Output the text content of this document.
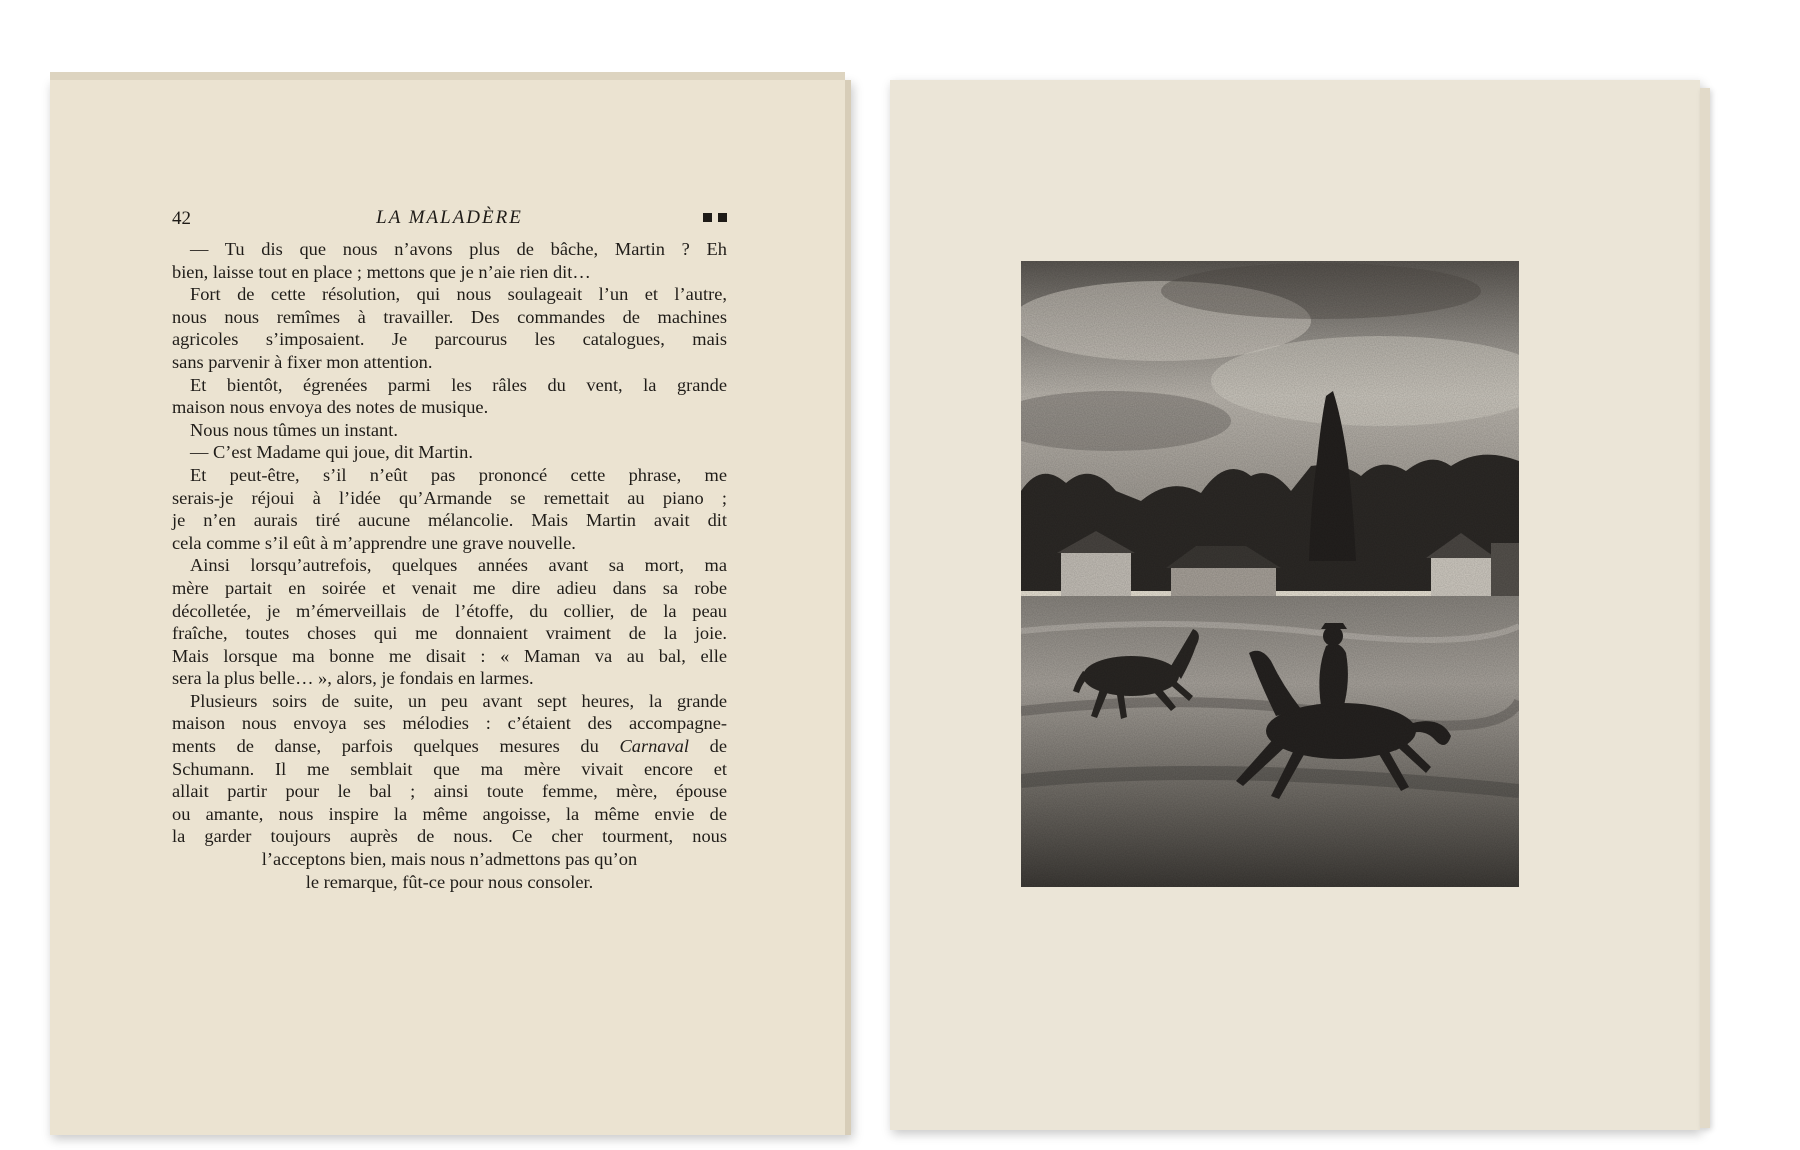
42	LA MALADÈRE
— Tu dis que nous n’avons plus de bâche, Martin ? Eh
bien, laisse tout en place ; mettons que je n’aie rien dit…
Fort de cette résolution, qui nous soulageait l’un et l’autre,
nous nous remîmes à travailler. Des commandes de machines
agricoles s’imposaient. Je parcourus les catalogues, mais
sans parvenir à fixer mon attention.
Et bientôt, égrenées parmi les râles du vent, la grande
maison nous envoya des notes de musique.
Nous nous tûmes un instant.
— C’est Madame qui joue, dit Martin.
Et peut-être, s’il n’eût pas prononcé cette phrase, me
serais-je réjoui à l’idée qu’Armande se remettait au piano ;
je n’en aurais tiré aucune mélancolie. Mais Martin avait dit
cela comme s’il eût à m’apprendre une grave nouvelle.
Ainsi lorsqu’autrefois, quelques années avant sa mort, ma
mère partait en soirée et venait me dire adieu dans sa robe
décolletée, je m’émerveillais de l’étoffe, du collier, de la peau
fraîche, toutes choses qui me donnaient vraiment de la joie.
Mais lorsque ma bonne me disait : « Maman va au bal, elle
sera la plus belle… », alors, je fondais en larmes.
Plusieurs soirs de suite, un peu avant sept heures, la grande
maison nous envoya ses mélodies : c’étaient des accompagne-
ments de danse, parfois quelques mesures du Carnaval de
Schumann. Il me semblait que ma mère vivait encore et
allait partir pour le bal ; ainsi toute femme, mère, épouse
ou amante, nous inspire la même angoisse, la même envie de
la garder toujours auprès de nous. Ce cher tourment, nous
l’acceptons bien, mais nous n’admettons pas qu’on
le remarque, fût-ce pour nous consoler.
